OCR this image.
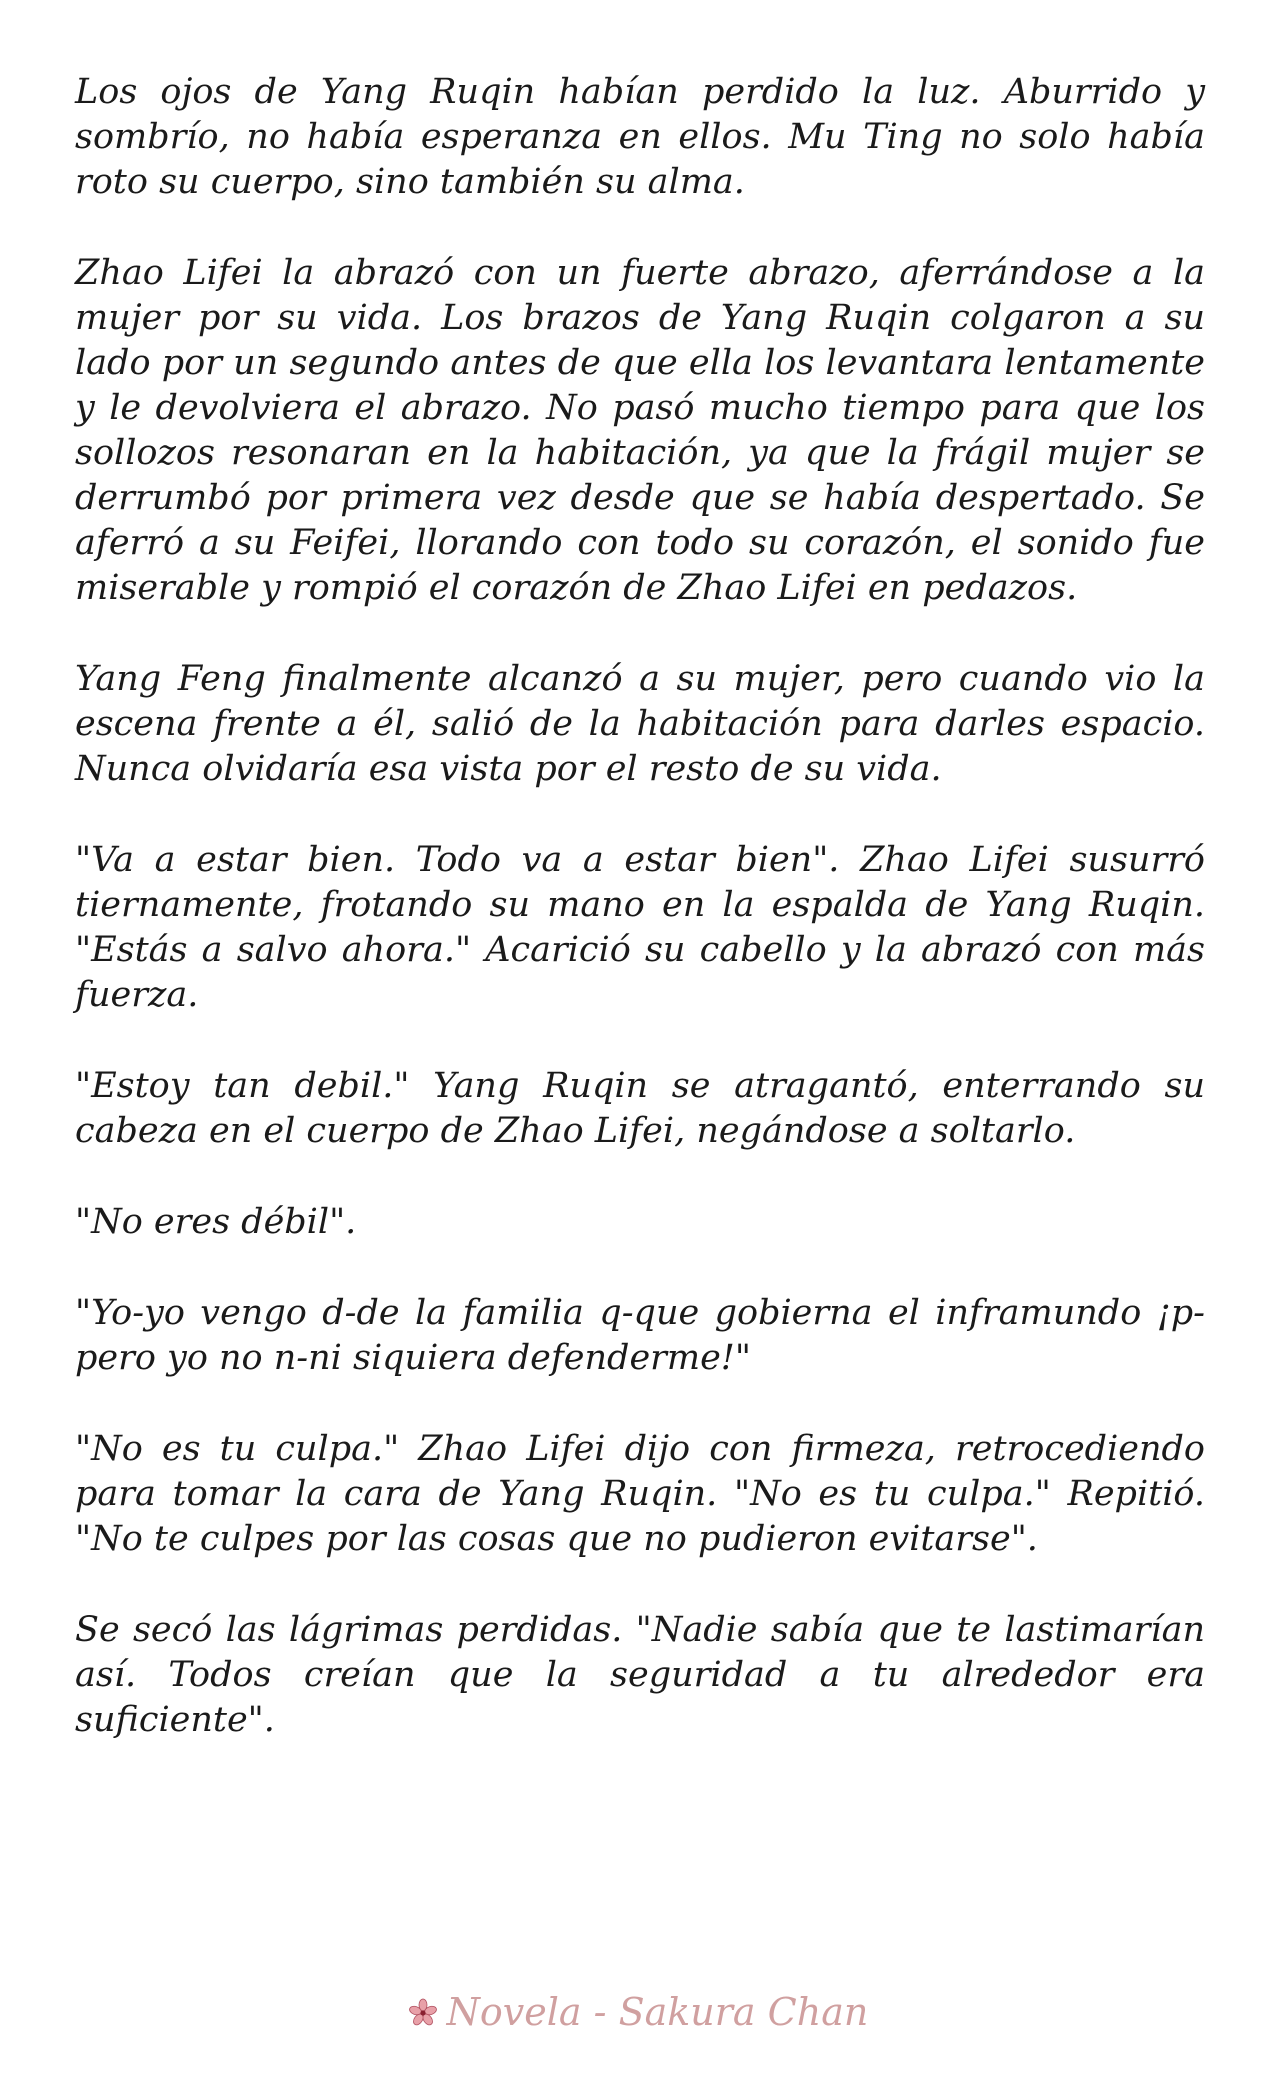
Los ojos de Yang Ruqin habían perdido la luz. Aburrido y sombrío, no había esperanza en ellos. Mu Ting no solo había roto su cuerpo, sino también su alma.

Zhao Lifei la abrazó con un fuerte abrazo, aferrándose a la mujer por su vida. Los brazos de Yang Ruqin colgaron a su lado por un segundo antes de que ella los levantara lentamente y le devolviera el abrazo. No pasó mucho tiempo para que los sollozos resonaran en la habitación, ya que la frágil mujer se derrumbó por primera vez desde que se había despertado. Se aferró a su Feifei, llorando con todo su corazón, el sonido fue miserable y rompió el corazón de Zhao Lifei en pedazos.

Yang Feng finalmente alcanzó a su mujer, pero cuando vio la escena frente a él, salió de la habitación para darles espacio. Nunca olvidaría esa vista por el resto de su vida.

"Va a estar bien. Todo va a estar bien". Zhao Lifei susurró tiernamente, frotando su mano en la espalda de Yang Ruqin. "Estás a salvo ahora." Acarició su cabello y la abrazó con más fuerza.

"Estoy tan debil." Yang Ruqin se atragantó, enterrando su cabeza en el cuerpo de Zhao Lifei, negándose a soltarlo.

"No eres débil".

"Yo-yo vengo d-de la familia q-que gobierna el inframundo ¡p-pero yo no n-ni siquiera defenderme!"

"No es tu culpa." Zhao Lifei dijo con firmeza, retrocediendo para tomar la cara de Yang Ruqin. "No es tu culpa." Repitió. "No te culpes por las cosas que no pudieron evitarse".

Se secó las lágrimas perdidas. "Nadie sabía que te lastimarían así. Todos creían que la seguridad a tu alrededor era suficiente".

Novela - Sakura Chan
